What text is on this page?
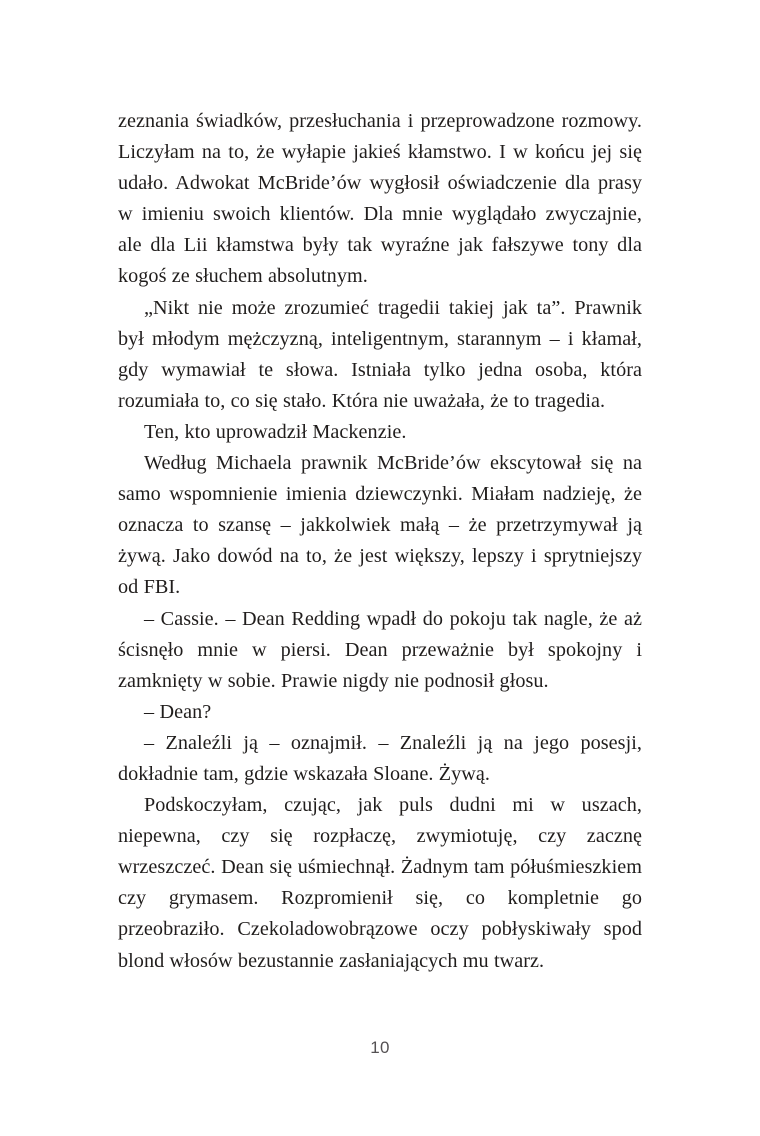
zeznania świadków, przesłuchania i przeprowadzone rozmowy. Liczyłam na to, że wyłapie jakieś kłamstwo. I w końcu jej się udało. Adwokat McBride’ów wygłosił oświadczenie dla prasy w imieniu swoich klientów. Dla mnie wyglądało zwyczajnie, ale dla Lii kłamstwa były tak wyraźne jak fałszywe tony dla kogoś ze słuchem absolutnym.

„Nikt nie może zrozumieć tragedii takiej jak ta”. Prawnik był młodym mężczyzną, inteligentnym, starannym – i kłamał, gdy wymawiał te słowa. Istniała tylko jedna osoba, która rozumiała to, co się stało. Która nie uważała, że to tragedia.

Ten, kto uprowadził Mackenzie.

Według Michaela prawnik McBride’ów ekscytował się na samo wspomnienie imienia dziewczynki. Miałam nadzieję, że oznacza to szansę – jakkolwiek małą – że przetrzymywał ją żywą. Jako dowód na to, że jest większy, lepszy i sprytniejszy od FBI.

– Cassie. – Dean Redding wpadł do pokoju tak nagle, że aż ścisnęło mnie w piersi. Dean przeważnie był spokojny i zamknięty w sobie. Prawie nigdy nie podnosił głosu.

– Dean?

– Znaleźli ją – oznajmił. – Znaleźli ją na jego posesji, dokładnie tam, gdzie wskazała Sloane. Żywą.

Podskoczyłam, czując, jak puls dudni mi w uszach, niepewna, czy się rozpłaczę, zwymiotuję, czy zacznę wrzeszczeć. Dean się uśmiechnął. Żadnym tam półuśmieszkiem czy grymasem. Rozpromienił się, co kompletnie go przeobraziło. Czekoladowobrązowe oczy pobłyskiwały spod blond włosów bezustannie zasłaniających mu twarz.

10
